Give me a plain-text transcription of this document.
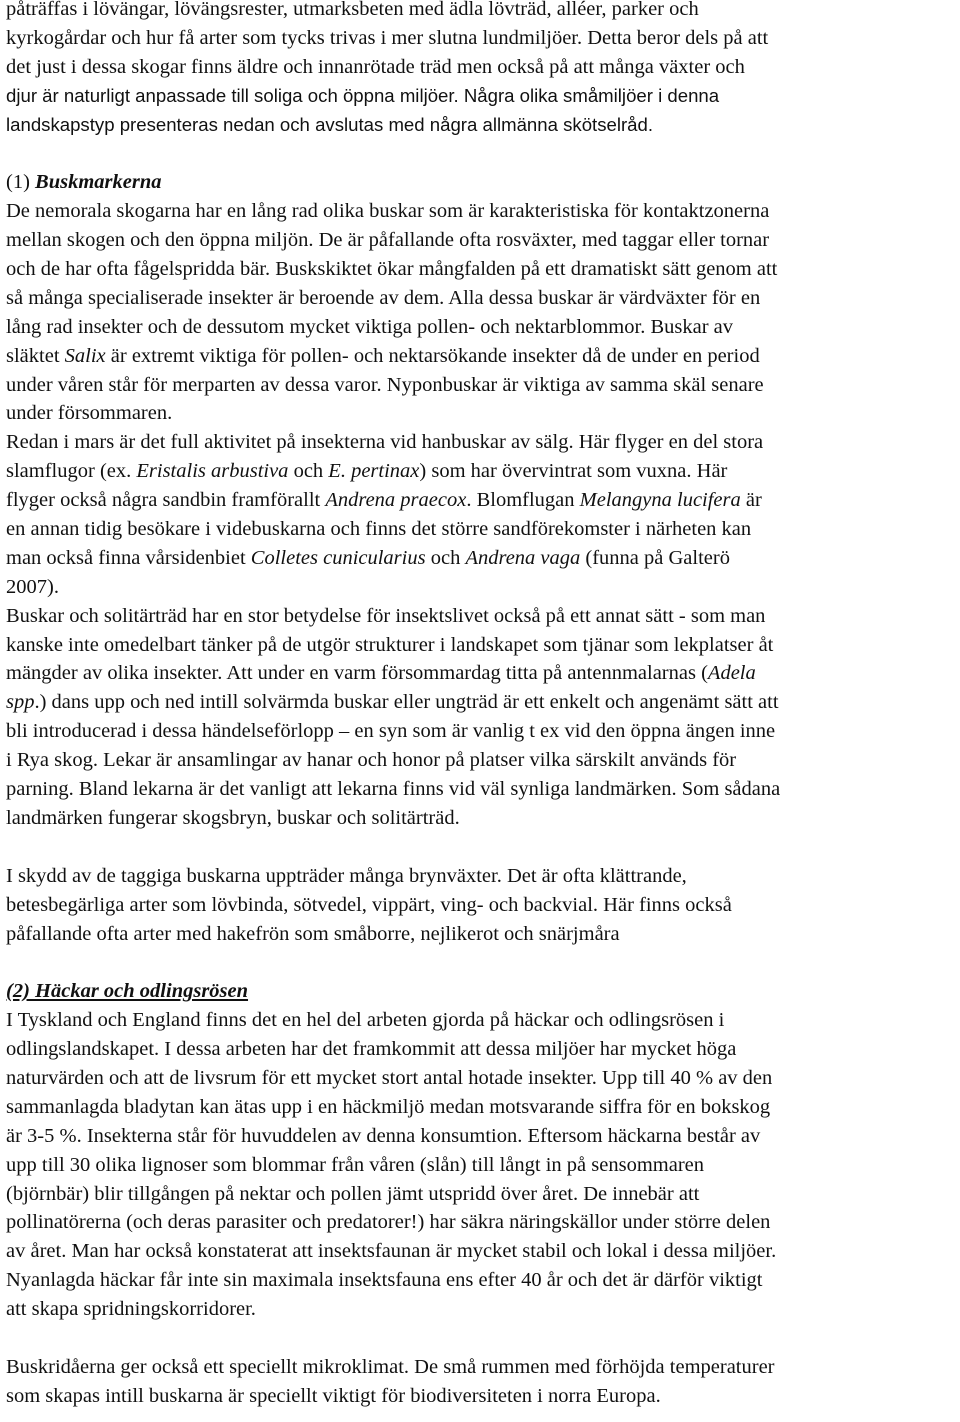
påträffas i lövängar, lövängsrester, utmarksbeten med ädla lövträd, alléer, parker och
kyrkogårdar och hur få arter som tycks trivas i mer slutna lundmiljöer. Detta beror dels på att
det just i dessa skogar finns äldre och innanrötade träd men också på att många växter och
djur är naturligt anpassade till soliga och öppna miljöer. Några olika småmiljöer i denna
landskapstyp presenteras nedan och avslutas med några allmänna skötselråd.
(1) Buskmarkerna
De nemorala skogarna har en lång rad olika buskar som är karakteristiska för kontaktzonerna
mellan skogen och den öppna miljön. De är påfallande ofta rosväxter, med taggar eller tornar
och de har ofta fågelspridda bär. Buskskiktet ökar mångfalden på ett dramatiskt sätt genom att
så många specialiserade insekter är beroende av dem. Alla dessa buskar är värdväxter för en
lång rad insekter och de dessutom mycket viktiga pollen- och nektarblommor. Buskar av
släktet Salix är extremt viktiga för pollen- och nektarsökande insekter då de under en period
under våren står för merparten av dessa varor. Nyponbuskar är viktiga av samma skäl senare
under försommaren.
Redan i mars är det full aktivitet på insekterna vid hanbuskar av sälg. Här flyger en del stora
slamflugor (ex. Eristalis arbustiva och E. pertinax) som har övervintrat som vuxna. Här
flyger också några sandbin framförallt Andrena praecox. Blomflugan Melangyna lucifera är
en annan tidig besökare i videbuskarna och finns det större sandförekomster i närheten kan
man också finna vårsidenbiet Colletes cunicularius och Andrena vaga (funna på Galterö
2007).
Buskar och solitärträd har en stor betydelse för insektslivet också på ett annat sätt - som man
kanske inte omedelbart tänker på de utgör strukturer i landskapet som tjänar som lekplatser åt
mängder av olika insekter. Att under en varm försommardag titta på antennmalarnas (Adela
spp.) dans upp och ned intill solvärmda buskar eller ungträd är ett enkelt och angenämt sätt att
bli introducerad i dessa händelseförlopp – en syn som är vanlig t ex vid den öppna ängen inne
i Rya skog. Lekar är ansamlingar av hanar och honor på platser vilka särskilt används för
parning. Bland lekarna är det vanligt att lekarna finns vid väl synliga landmärken. Som sådana
landmärken fungerar skogsbryn, buskar och solitärträd.
I skydd av de taggiga buskarna uppträder många brynväxter. Det är ofta klättrande,
betesbegärliga arter som lövbinda, sötvedel, vippärt, ving- och backvial. Här finns också
påfallande ofta arter med hakefrön som småborre, nejlikerot och snärjmåra
(2) Häckar och odlingsrösen
I Tyskland och England finns det en hel del arbeten gjorda på häckar och odlingsrösen i
odlingslandskapet. I dessa arbeten har det framkommit att dessa miljöer har mycket höga
naturvärden och att de livsrum för ett mycket stort antal hotade insekter. Upp till 40 % av den
sammanlagda bladytan kan ätas upp i en häckmiljö medan motsvarande siffra för en bokskog
är 3-5 %. Insekterna står för huvuddelen av denna konsumtion. Eftersom häckarna består av
upp till 30 olika lignoser som blommar från våren (slån) till långt in på sensommaren
(björnbär) blir tillgången på nektar och pollen jämt utspridd över året. De innebär att
pollinatörerna (och deras parasiter och predatorer!) har säkra näringskällor under större delen
av året. Man har också konstaterat att insektsfaunan är mycket stabil och lokal i dessa miljöer.
Nyanlagda häckar får inte sin maximala insektsfauna ens efter 40 år och det är därför viktigt
att skapa spridningskorridorer.
Buskridåerna ger också ett speciellt mikroklimat. De små rummen med förhöjda temperaturer
som skapas intill buskarna är speciellt viktigt för biodiversiteten i norra Europa.
